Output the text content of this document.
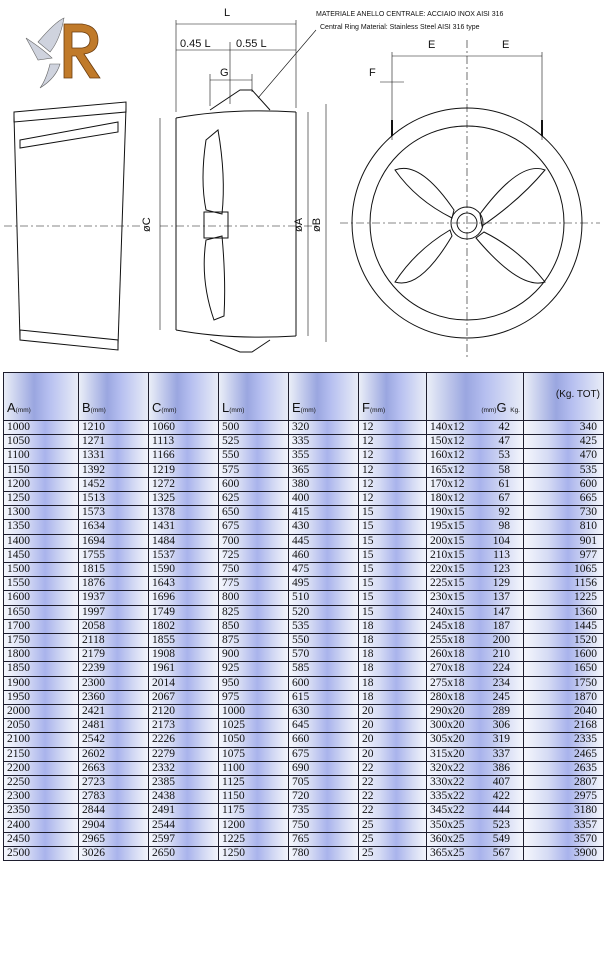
L
0.45 L 0.55 L
G
E	E
F
øC	øA øB
MATERIALE ANELLO CENTRALE: ACCIAIO INOX AISI 316
Central Ring Material: Stainless Steel AISI 316 type
A(mm)	B(mm)	C(mm)	L(mm)	E(mm)	F(mm)	(mm)G Kg.	(Kg. TOT)
1000	1210	1060	500	320	12	140x12 42	340
1050	1271	1113	525	335	12	150x12 47	425
1100	1331	1166	550	355	12	160x12 53	470
1150	1392	1219	575	365	12	165x12 58	535
1200	1452	1272	600	380	12	170x12 61	600
1250	1513	1325	625	400	12	180x12 67	665
1300	1573	1378	650	415	15	190x15 92	730
1350	1634	1431	675	430	15	195x15 98	810
1400	1694	1484	700	445	15	200x15 104	901
1450	1755	1537	725	460	15	210x15 113	977
1500	1815	1590	750	475	15	220x15 123	1065
1550	1876	1643	775	495	15	225x15 129	1156
1600	1937	1696	800	510	15	230x15 137	1225
1650	1997	1749	825	520	15	240x15 147	1360
1700	2058	1802	850	535	18	245x18 187	1445
1750	2118	1855	875	550	18	255x18 200	1520
1800	2179	1908	900	570	18	260x18 210	1600
1850	2239	1961	925	585	18	270x18 224	1650
1900	2300	2014	950	600	18	275x18 234	1750
1950	2360	2067	975	615	18	280x18 245	1870
2000	2421	2120	1000	630	20	290x20 289	2040
2050	2481	2173	1025	645	20	300x20 306	2168
2100	2542	2226	1050	660	20	305x20 319	2335
2150	2602	2279	1075	675	20	315x20 337	2465
2200	2663	2332	1100	690	22	320x22 386	2635
2250	2723	2385	1125	705	22	330x22 407	2807
2300	2783	2438	1150	720	22	335x22 422	2975
2350	2844	2491	1175	735	22	345x22 444	3180
2400	2904	2544	1200	750	25	350x25 523	3357
2450	2965	2597	1225	765	25	360x25 549	3570
2500	3026	2650	1250	780	25	365x25 567	3900
